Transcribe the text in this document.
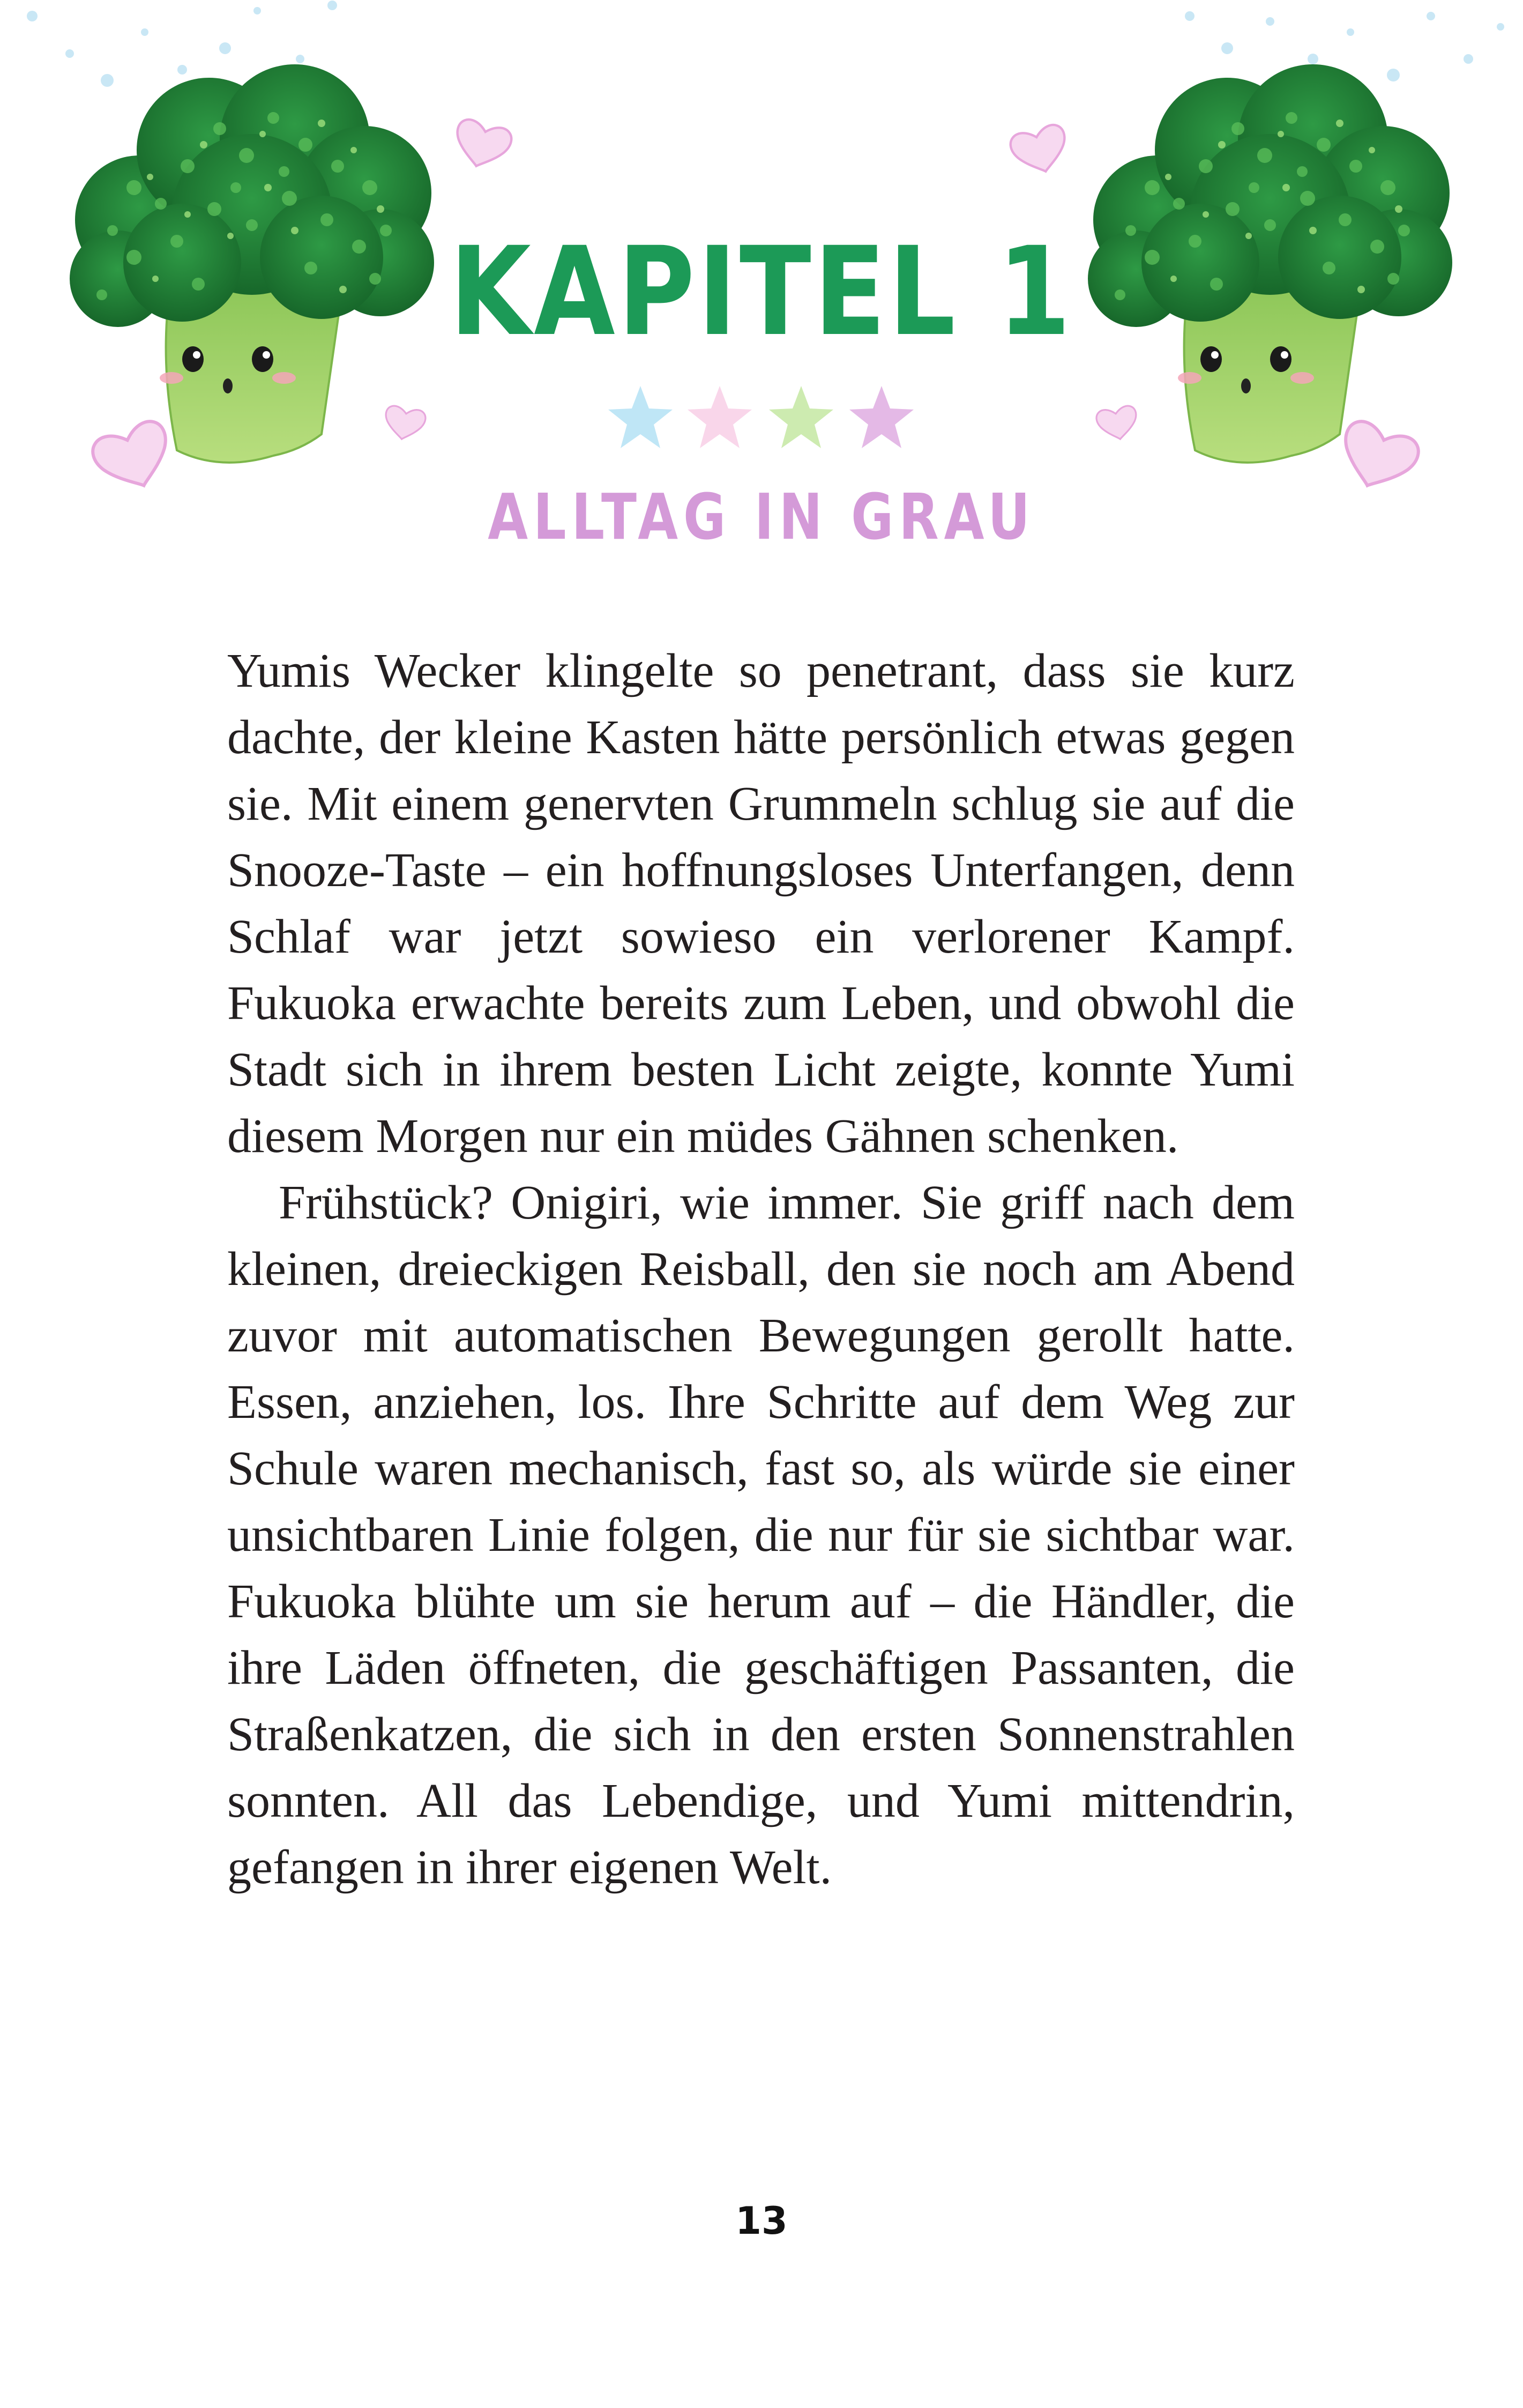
KAPITEL 1
ALLTAG IN GRAU

Yumis Wecker klingelte so penetrant, dass sie kurz dachte, der kleine Kasten hätte persönlich etwas gegen sie. Mit einem genervten Grummeln schlug sie auf die Snooze-Taste – ein hoffnungsloses Unterfangen, denn Schlaf war jetzt sowieso ein verlorener Kampf. Fukuoka erwachte bereits zum Leben, und obwohl die Stadt sich in ihrem besten Licht zeigte, konnte Yumi diesem Morgen nur ein müdes Gähnen schenken.

Frühstück? Onigiri, wie immer. Sie griff nach dem kleinen, dreieckigen Reisball, den sie noch am Abend zuvor mit automatischen Bewegungen gerollt hatte. Essen, anziehen, los. Ihre Schritte auf dem Weg zur Schule waren mechanisch, fast so, als würde sie einer unsichtbaren Linie folgen, die nur für sie sichtbar war. Fukuoka blühte um sie herum auf – die Händler, die ihre Läden öffneten, die geschäftigen Passanten, die Straßenkatzen, die sich in den ersten Sonnenstrahlen sonnten. All das Lebendige, und Yumi mittendrin, gefangen in ihrer eigenen Welt.

13
